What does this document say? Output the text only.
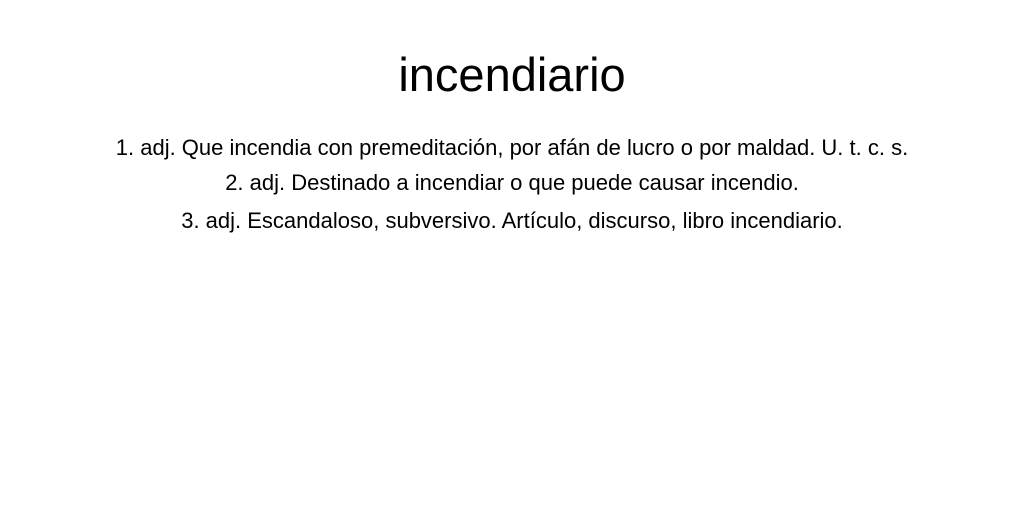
incendiario
1. adj. Que incendia con premeditación, por afán de lucro o por maldad. U. t. c. s.
2. adj. Destinado a incendiar o que puede causar incendio.
3. adj. Escandaloso, subversivo. Artículo, discurso, libro incendiario.
